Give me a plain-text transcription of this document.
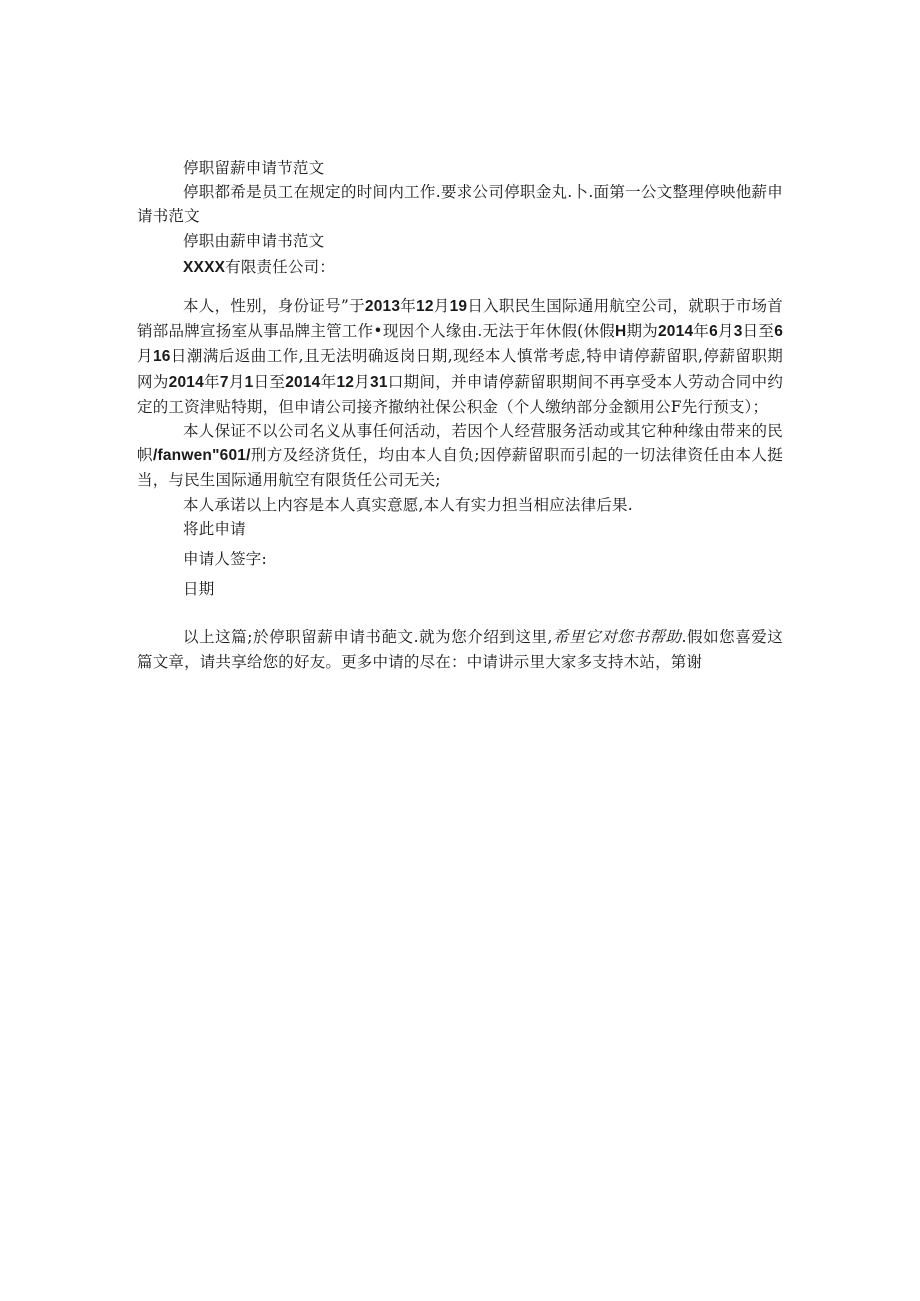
停职留薪申请节范文

停职都希是员工在规定的时间内工作.要求公司停职金丸.卜.面第一公文整理停映他薪申请书范文

停职由薪申请书范文

XXXX有限责任公司：

本人，性别，身份证号”于2013年12月19日入职民生国际通用航空公司，就职于市场首销部品牌宣扬室从事品牌主管工作•现因个人缘由.无法于年休假(休假H期为2014年6月3日至6月16日潮满后返曲工作,且无法明确返岗日期,现经本人慎常考虑,特申请停薪留职,停薪留职期网为2014年7月1日至2014年12月31口期间，并申请停薪留职期间不再享受本人劳动合同中约定的工资津贴特期，但申请公司接齐撤纳社保公积金（个人缴纳部分金额用公F先行预支）；

本人保证不以公司名义从事任何活动，若因个人经营服务活动或其它种种缘由带来的民帜/fanwen"601/刑方及经济货任，均由本人自负;因停薪留职而引起的一切法律资任由本人挺当，与民生国际通用航空有限货任公司无关;

本人承诺以上内容是本人真实意愿,本人有实力担当相应法律后果.

将此申请

申请人签字:

日期

以上这篇;於停职留薪申请书葩文.就为您介绍到这里,希里它对您书帮助.假如您喜爱这篇文章，请共享给您的好友。更多中请的尽在：中请讲示里大家多支持木站，第谢
